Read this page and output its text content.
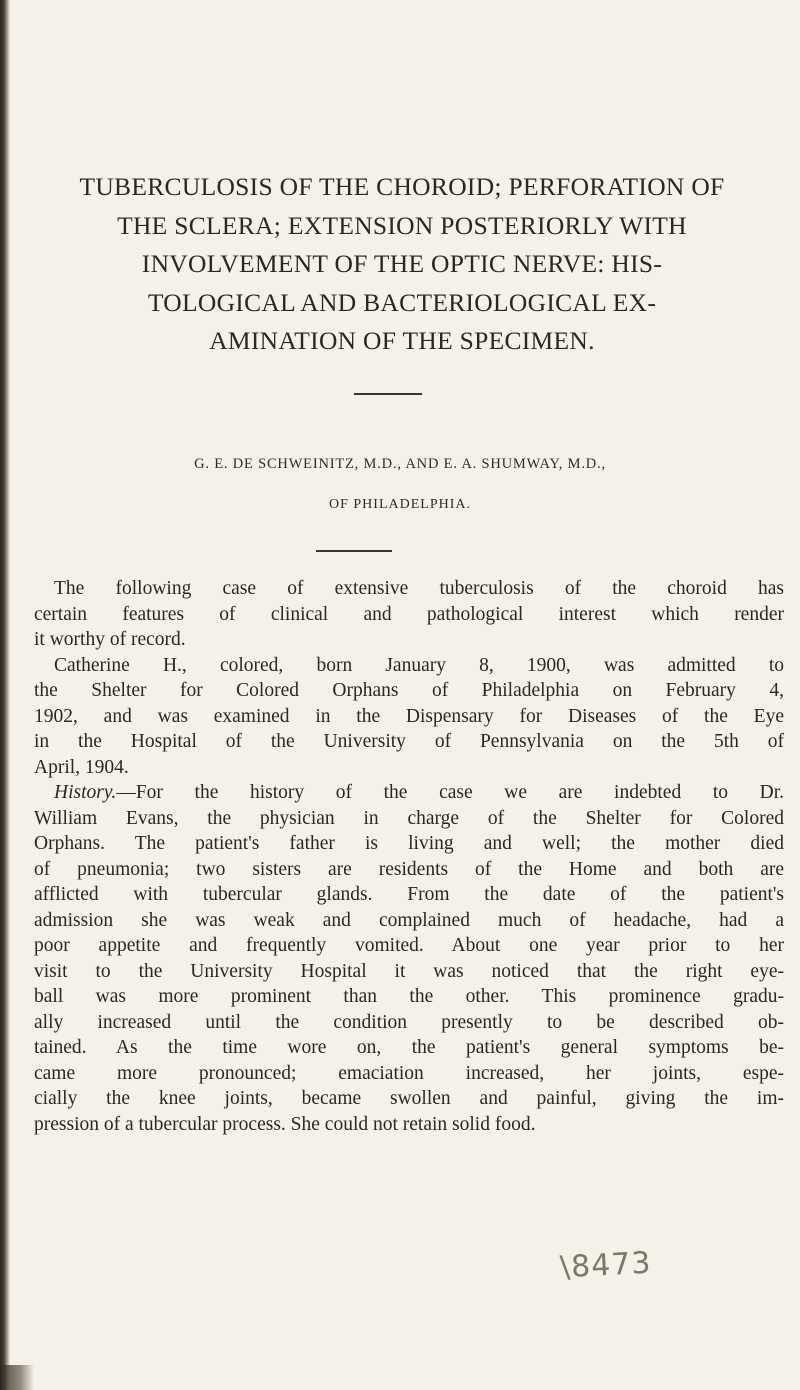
TUBERCULOSIS OF THE CHOROID; PERFORATION OF
THE SCLERA; EXTENSION POSTERIORLY WITH
INVOLVEMENT OF THE OPTIC NERVE: HIS-
TOLOGICAL AND BACTERIOLOGICAL EX-
AMINATION OF THE SPECIMEN.
G. E. DE SCHWEINITZ, M.D., AND E. A. SHUMWAY, M.D.,
OF PHILADELPHIA.
The following case of extensive tuberculosis of the choroid has
certain features of clinical and pathological interest which render
it worthy of record.
Catherine H., colored, born January 8, 1900, was admitted to
the Shelter for Colored Orphans of Philadelphia on February 4,
1902, and was examined in the Dispensary for Diseases of the Eye
in the Hospital of the University of Pennsylvania on the 5th of
April, 1904.
History.—For the history of the case we are indebted to Dr.
William Evans, the physician in charge of the Shelter for Colored
Orphans. The patient's father is living and well; the mother died
of pneumonia; two sisters are residents of the Home and both are
afflicted with tubercular glands. From the date of the patient's
admission she was weak and complained much of headache, had a
poor appetite and frequently vomited. About one year prior to her
visit to the University Hospital it was noticed that the right eye-
ball was more prominent than the other. This prominence gradu-
ally increased until the condition presently to be described ob-
tained. As the time wore on, the patient's general symptoms be-
came more pronounced; emaciation increased, her joints, espe-
cially the knee joints, became swollen and painful, giving the im-
pression of a tubercular process. She could not retain solid food.
\8473
